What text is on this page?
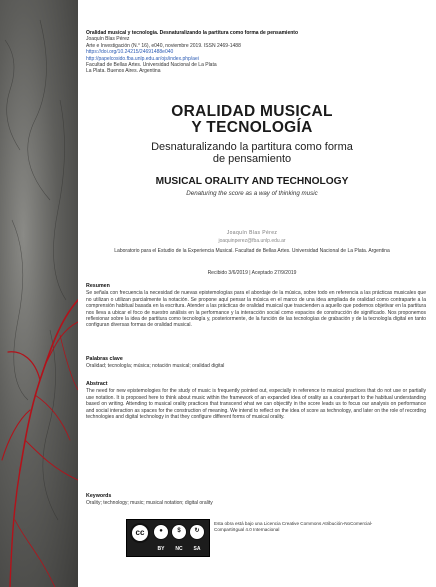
Oralidad musical y tecnología. Desnaturalizando la partitura como forma de pensamiento
Joaquín Blas Pérez
Arte e Investigación (N.° 16), e040, noviembre 2019. ISSN 2469-1488
https://doi.org/10.24215/24691488e040
http://papelcosido.fba.unlp.edu.ar/ojs/index.php/aei
Facultad de Bellas Artes. Universidad Nacional de La Plata
La Plata. Buenos Aires. Argentina
ORALIDAD MUSICAL
Y TECNOLOGÍA
Desnaturalizando la partitura como forma
de pensamiento
MUSICAL ORALITY AND TECHNOLOGY
Denaturing the score as a way of thinking music
Joaquín Blas Pérez
joaquinperez@fba.unlp.edu.ar
Laboratorio para el Estudio de la Experiencia Musical. Facultad de Bellas Artes. Universidad Nacional de La Plata. Argentina
Recibido 3/6/2019 | Aceptado 27/9/2019
Resumen

Se señala con frecuencia la necesidad de nuevas epistemologías para el abordaje de la música, sobre todo en referencia a las prácticas musicales que no utilizan o utilizan parcialmente la notación. Se propone aquí pensar la música en el marco de una idea ampliada de oralidad como contraparte a la comprensión habitual basada en la escritura. Atender a las prácticas de oralidad musical que trascienden a aquello que podemos objetivar en la partitura nos lleva a ubicar el foco de nuestro análisis en la performance y la interacción social como espacios de construcción de significado. Nos proponemos reflexionar sobre la idea de partitura como tecnología y, posteriormente, de la función de las tecnologías de grabación y de la tecnología digital en tanto configuran diversas formas de oralidad musical.

Palabras clave

Oralidad; tecnología; música; notación musical; oralidad digital

Abstract

The need for new epistemologies for the study of music is frequently pointed out, especially in reference to musical practices that do not use or partially use notation. It is proposed here to think about music within the framework of an expanded idea of orality as a counterpart to the habitual understanding based on writing. Attending to musical orality practices that transcend what we can objectify in the score leads us to focus our analysis on performance and social interaction as spaces for the construction of meaning. We intend to reflect on the idea of score as technology, and later on the role of recording technologies and digital technology in that they configure different forms of musical orality.

Keywords

Orality; technology; music; musical notation; digital orality

cc	●	$	↻
BY	NC	SA
Esta obra está bajo una Licencia Creative Commons Atribución-NoComercial-CompartirIgual 4.0 Internacional
